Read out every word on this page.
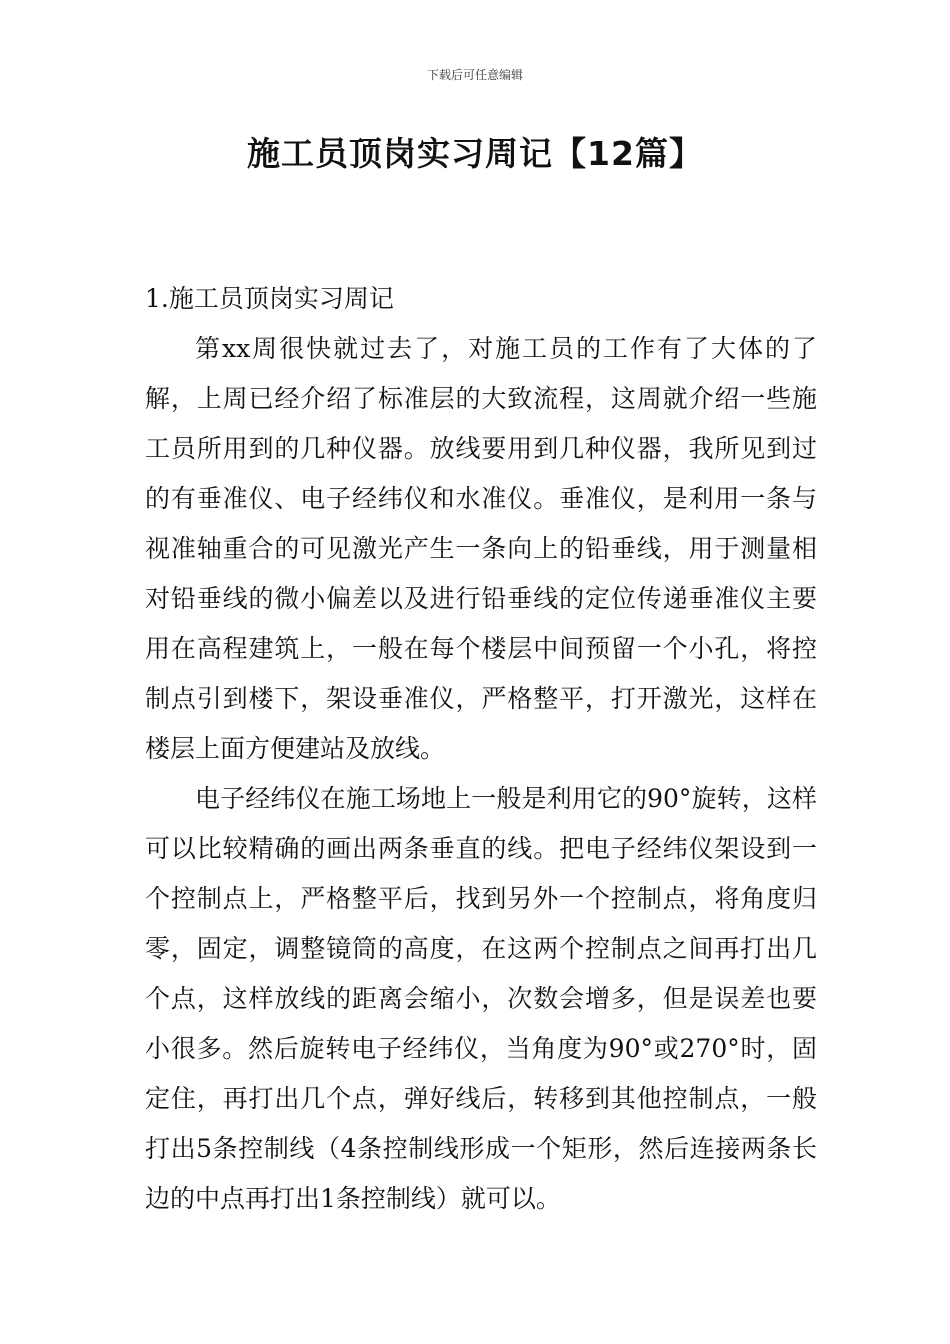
下载后可任意编辑
施工员顶岗实习周记【12篇】

1.施工员顶岗实习周记

第xx周很快就过去了，对施工员的工作有了大体的了解，上周已经介绍了标准层的大致流程，这周就介绍一些施工员所用到的几种仪器。放线要用到几种仪器，我所见到过的有垂准仪、电子经纬仪和水准仪。垂准仪，是利用一条与视准轴重合的可见激光产生一条向上的铅垂线，用于测量相对铅垂线的微小偏差以及进行铅垂线的定位传递垂准仪主要用在高程建筑上，一般在每个楼层中间预留一个小孔，将控制点引到楼下，架设垂准仪，严格整平，打开激光，这样在楼层上面方便建站及放线。

电子经纬仪在施工场地上一般是利用它的90°旋转，这样可以比较精确的画出两条垂直的线。把电子经纬仪架设到一个控制点上，严格整平后，找到另外一个控制点，将角度归零，固定，调整镜筒的高度，在这两个控制点之间再打出几个点，这样放线的距离会缩小，次数会增多，但是误差也要小很多。然后旋转电子经纬仪，当角度为90°或270°时，固定住，再打出几个点，弹好线后，转移到其他控制点，一般打出5条控制线（4条控制线形成一个矩形，然后连接两条长边的中点再打出1条控制线）就可以。
